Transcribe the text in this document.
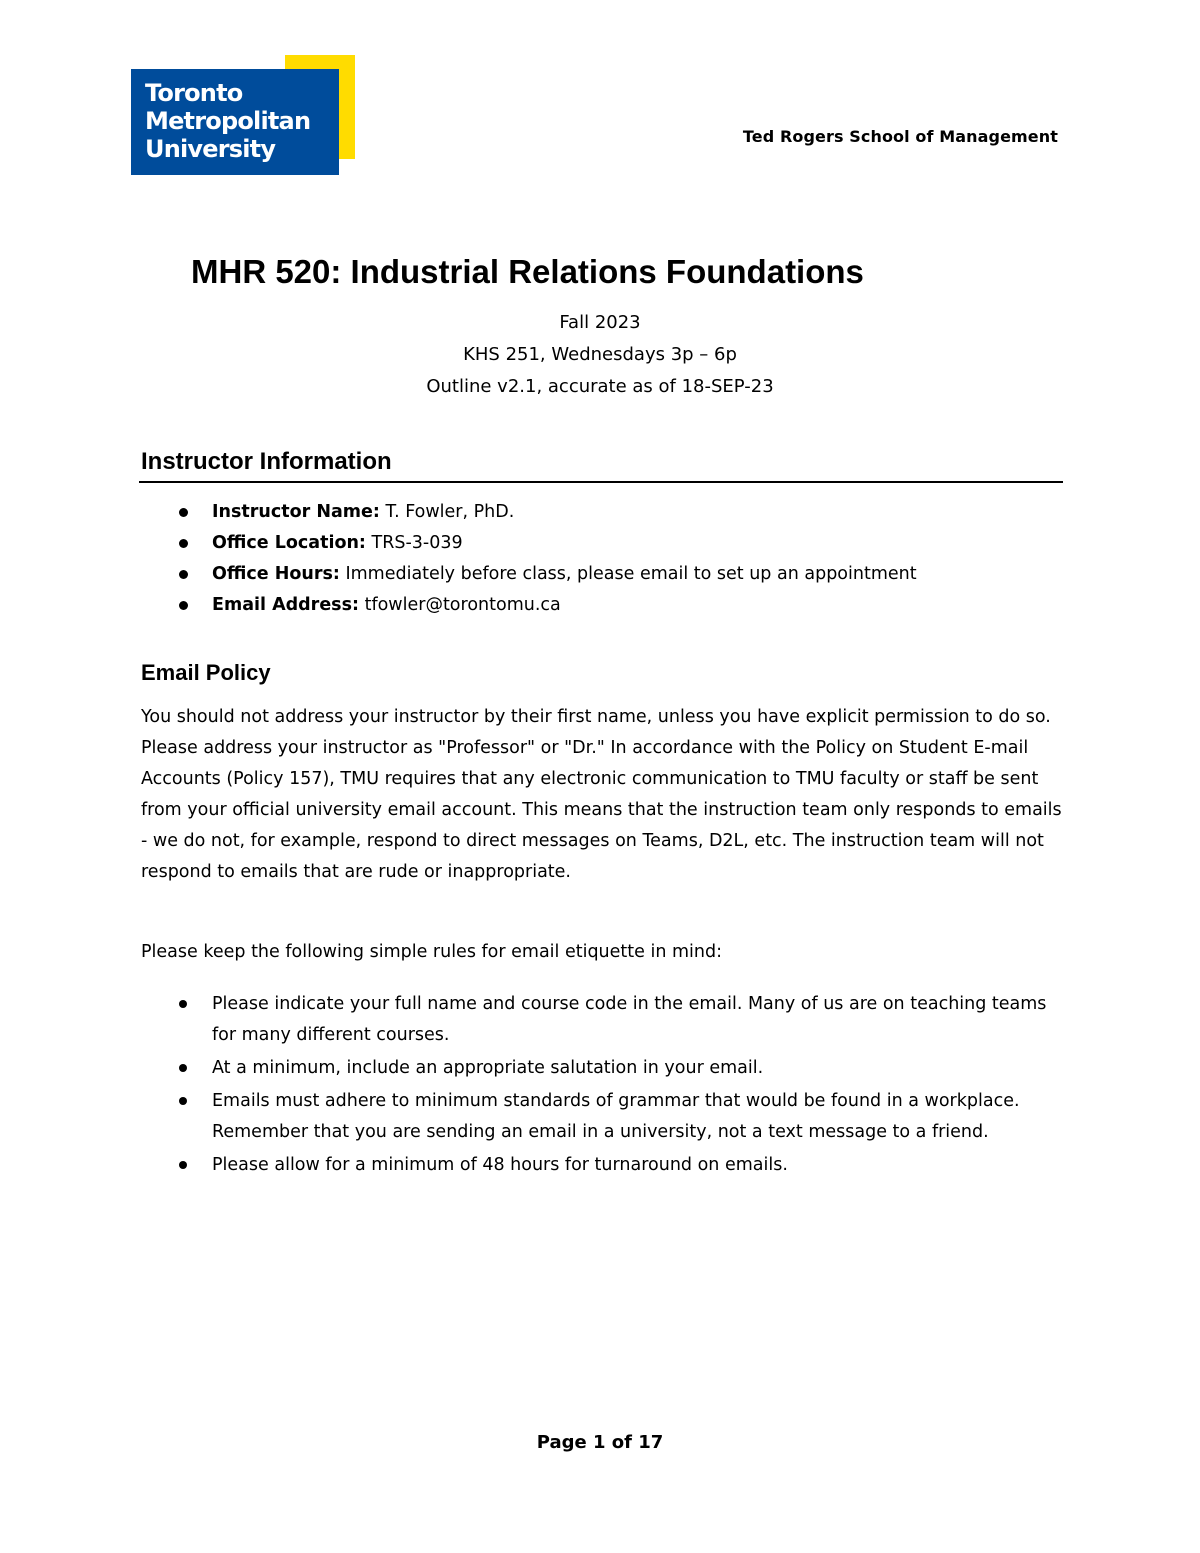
Toronto
Metropolitan
University	Ted Rogers School of Management
MHR 520: Industrial Relations Foundations
Fall 2023
KHS 251, Wednesdays 3p – 6p
Outline v2.1, accurate as of 18-SEP-23
Instructor Information
Instructor Name: T. Fowler, PhD.
Office Location: TRS-3-039
Office Hours: Immediately before class, please email to set up an appointment
Email Address: tfowler@torontomu.ca
Email Policy

You should not address your instructor by their first name, unless you have explicit permission to do so. Please address your instructor as "Professor" or "Dr." In accordance with the Policy on Student E-mail Accounts (Policy 157), TMU requires that any electronic communication to TMU faculty or staff be sent from your official university email account. This means that the instruction team only responds to emails - we do not, for example, respond to direct messages on Teams, D2L, etc. The instruction team will not respond to emails that are rude or inappropriate.

Please keep the following simple rules for email etiquette in mind:

Please indicate your full name and course code in the email. Many of us are on teaching teams for many different courses.
At a minimum, include an appropriate salutation in your email.
Emails must adhere to minimum standards of grammar that would be found in a workplace. Remember that you are sending an email in a university, not a text message to a friend.
Please allow for a minimum of 48 hours for turnaround on emails.
Page 1 of 17
